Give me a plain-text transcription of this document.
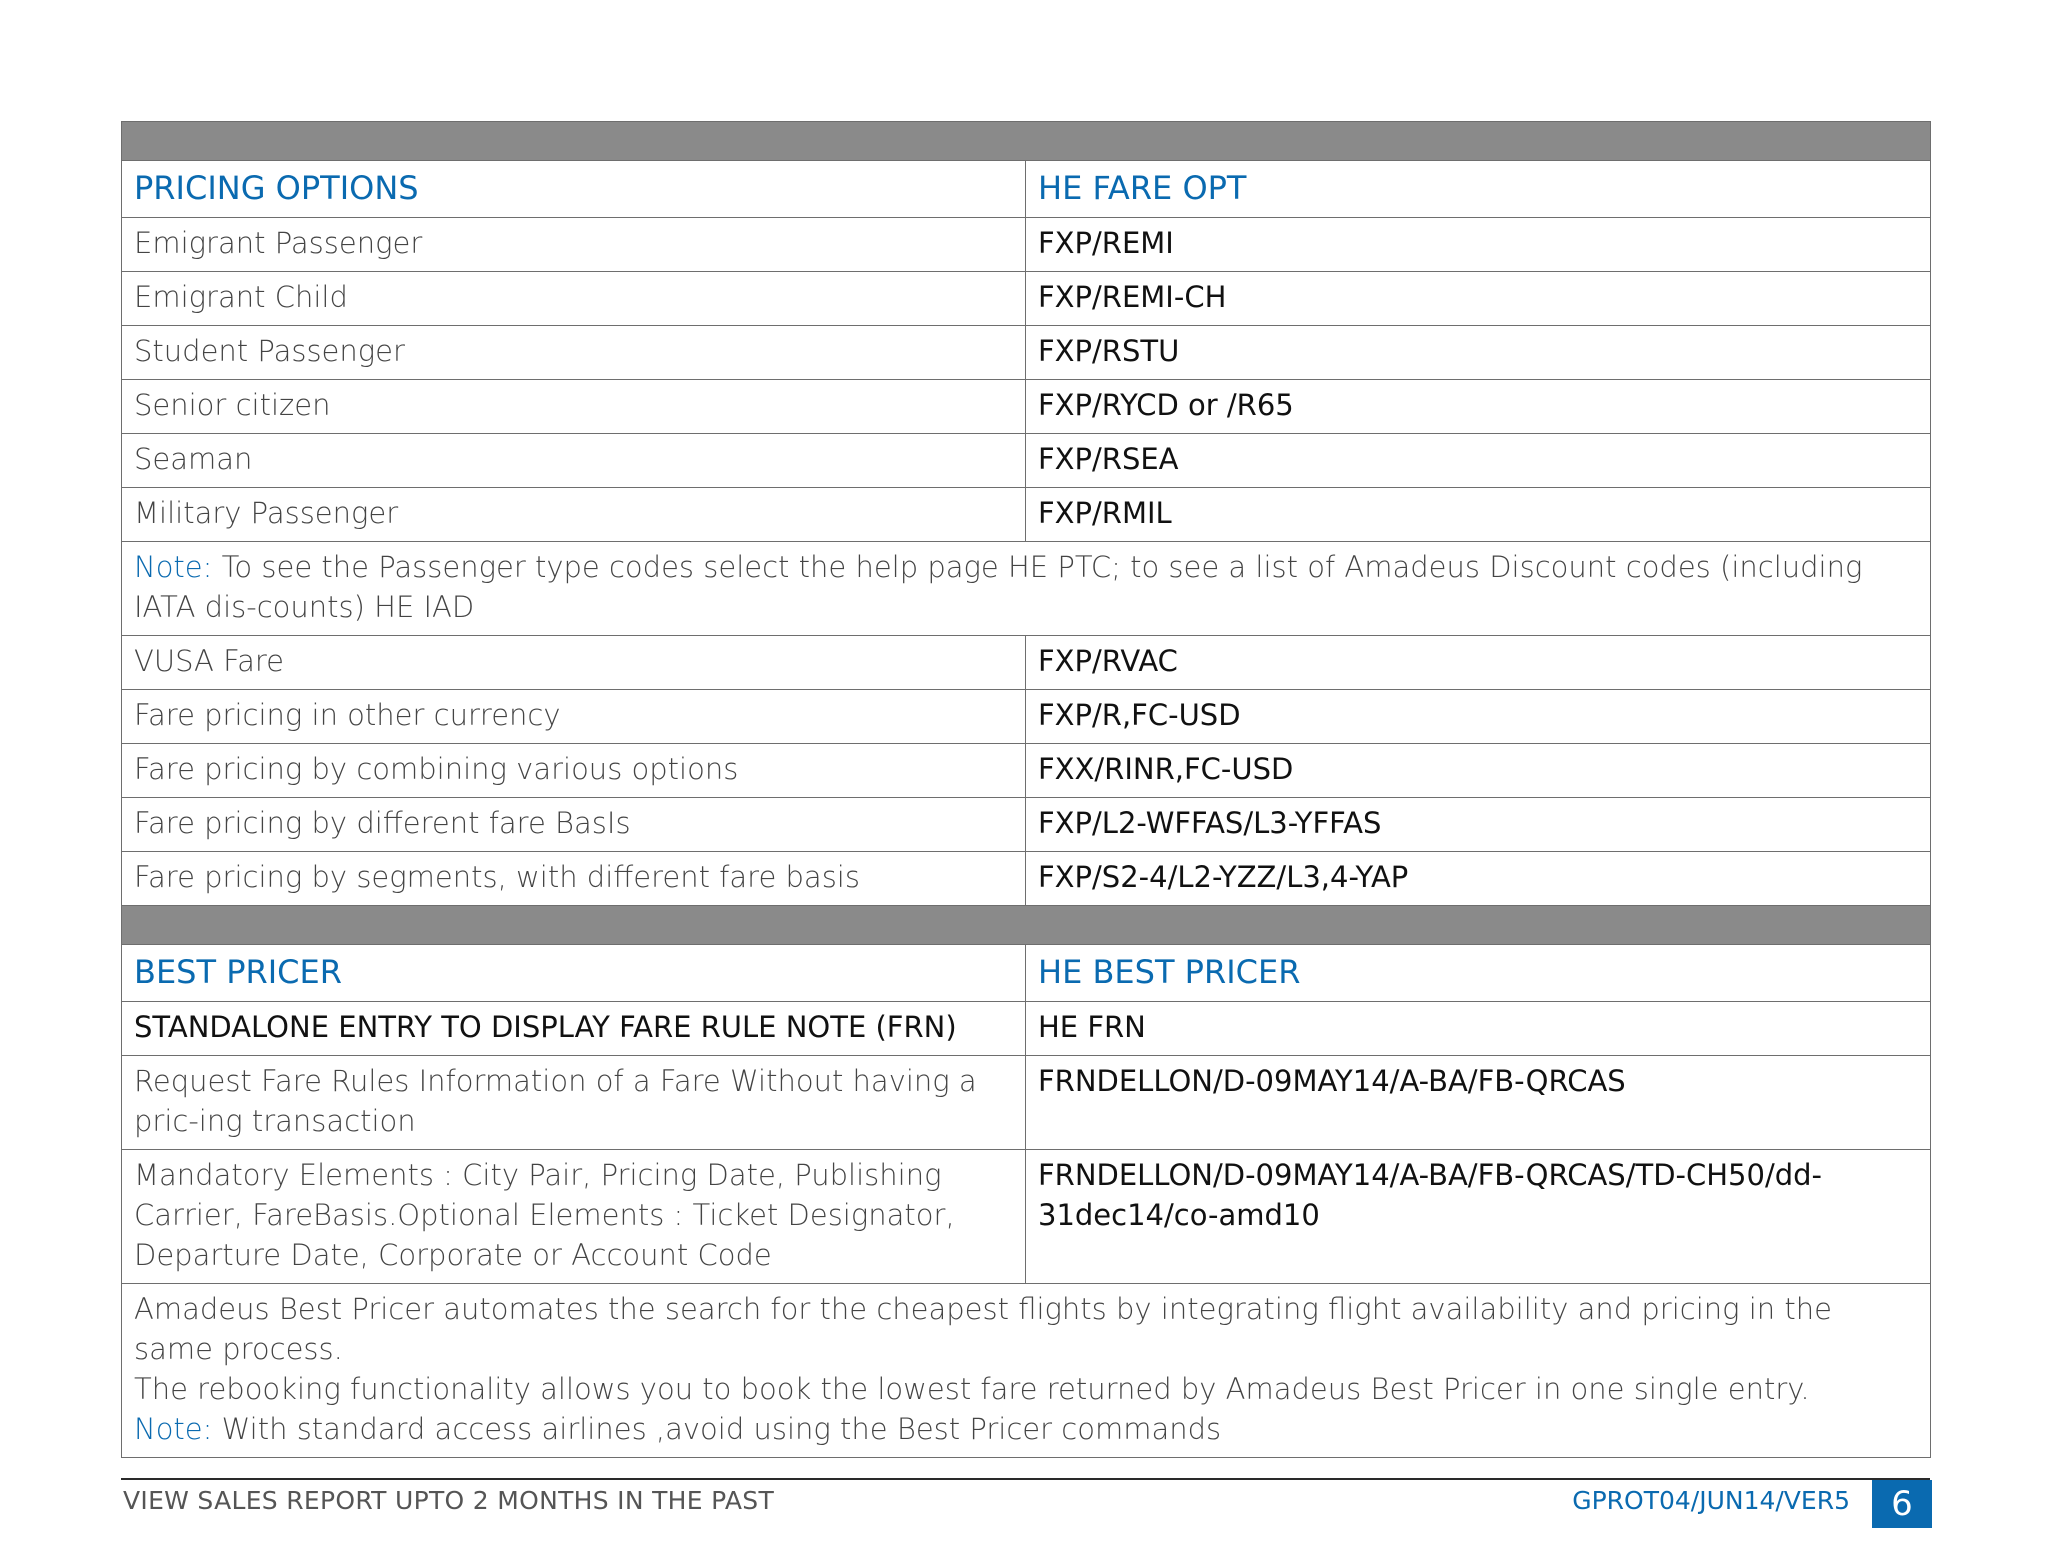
PRICING OPTIONS	HE FARE OPT
Emigrant Passenger	FXP/REMI
Emigrant Child	FXP/REMI-CH
Student Passenger	FXP/RSTU
Senior citizen	FXP/RYCD or /R65
Seaman	FXP/RSEA
Military Passenger	FXP/RMIL
Note: To see the Passenger type codes select the help page HE PTC; to see a list of Amadeus Discount codes (including IATA dis-counts) HE IAD	
VUSA Fare	FXP/RVAC
Fare pricing in other currency	FXP/R,FC-USD
Fare pricing by combining various options	FXX/RINR,FC-USD
Fare pricing by different fare BasIs	FXP/L2-WFFAS/L3-YFFAS
Fare pricing by segments, with different fare basis	FXP/S2-4/L2-YZZ/L3,4-YAP

BEST PRICER	HE BEST PRICER
STANDALONE ENTRY TO DISPLAY FARE RULE NOTE (FRN)	HE FRN
Request Fare Rules Information of a Fare Without having a pric-ing transaction	FRNDELLON/D-09MAY14/A-BA/FB-QRCAS
Mandatory Elements : City Pair, Pricing Date, Publishing Carrier, FareBasis.Optional Elements : Ticket Designator, Departure Date, Corporate or Account Code	FRNDELLON/D-09MAY14/A-BA/FB-QRCAS/TD-CH50/dd-31dec14/co-amd10

Amadeus Best Pricer automates the search for the cheapest flights by integrating flight availability and pricing in the same process.
The rebooking functionality allows you to book the lowest fare returned by Amadeus Best Pricer in one single entry.
Note: With standard access airlines ,avoid using the Best Pricer commands	
VIEW SALES REPORT UPTO 2 MONTHS IN THE PAST	GPROT04/JUN14/VER5	6
